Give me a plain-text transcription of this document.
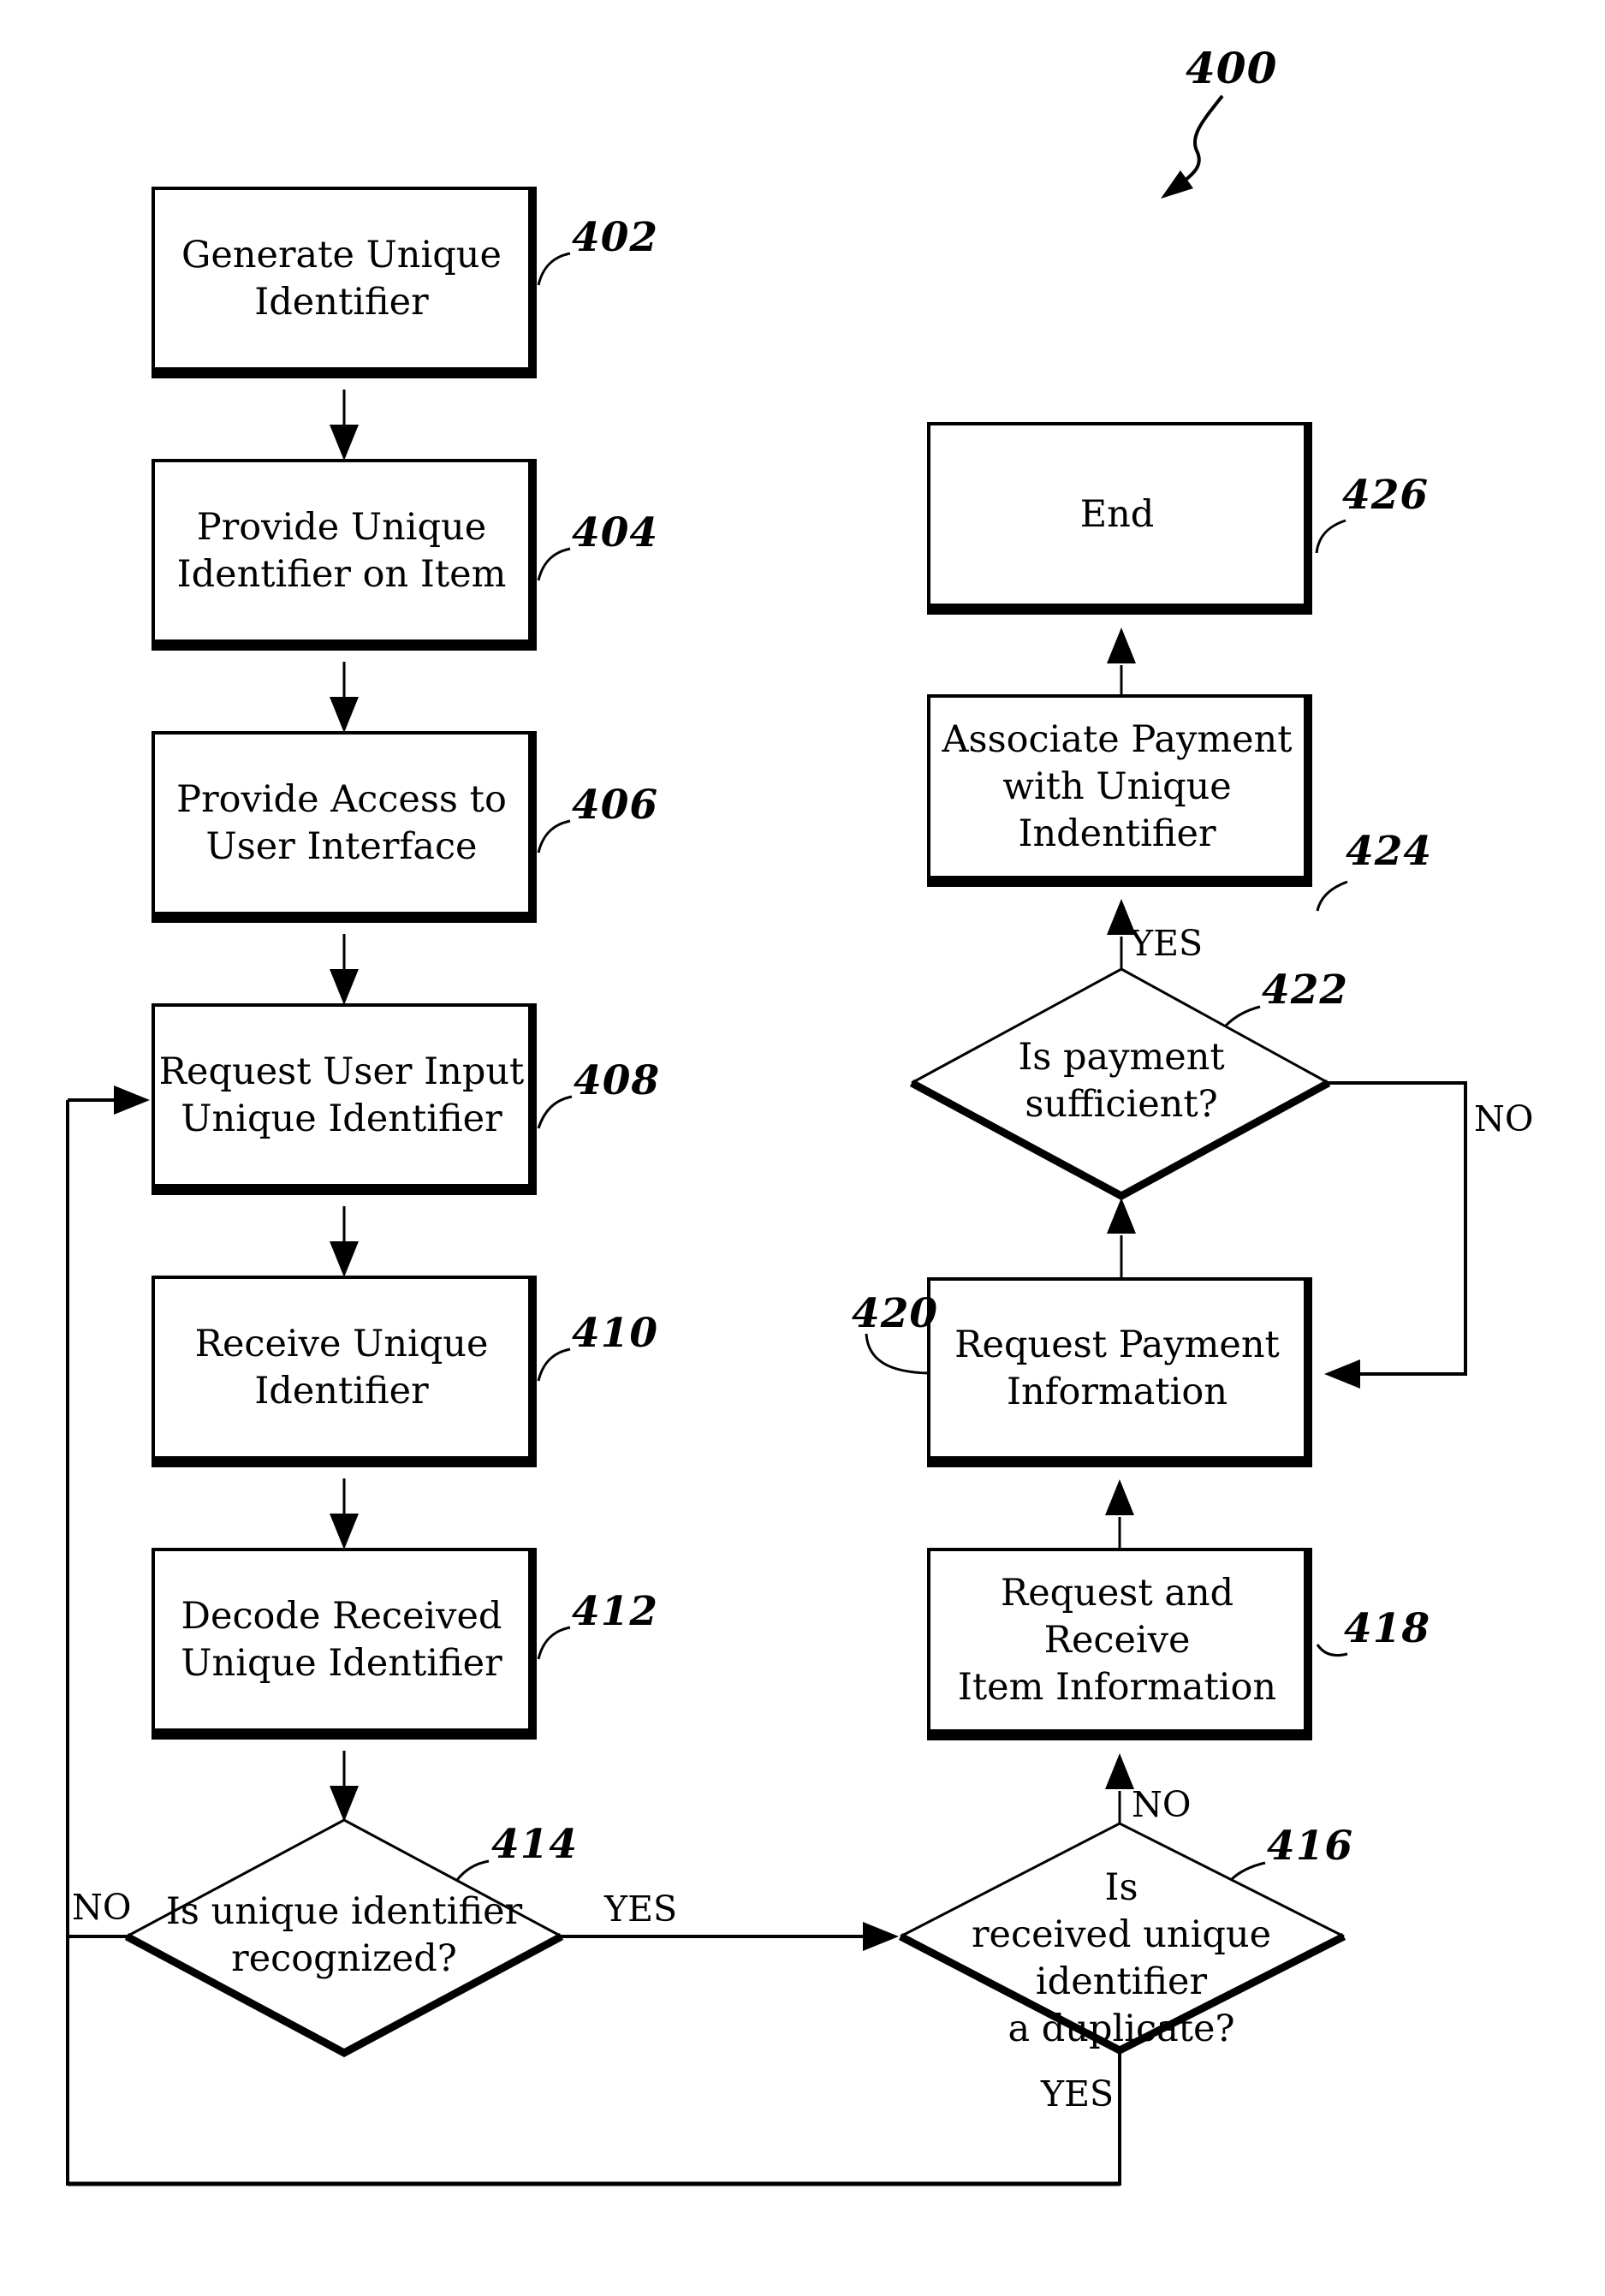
Generate Unique
Identifier
Provide Unique
Identifier on Item
Provide Access to
User Interface
Request User Input
Unique Identifier
Receive Unique
Identifier
Decode Received
Unique Identifier
End
Associate Payment
with Unique
Indentifier
Request Payment
Information
Request and Receive
Item Information
Is unique identifier
recognized?
Is
received unique identifier
a duplicate?
Is payment
sufficient?
NO	YES
NO
YES
YES
NO
400
402
404
406
408
410
412
414	416
418
420
422
424
426
